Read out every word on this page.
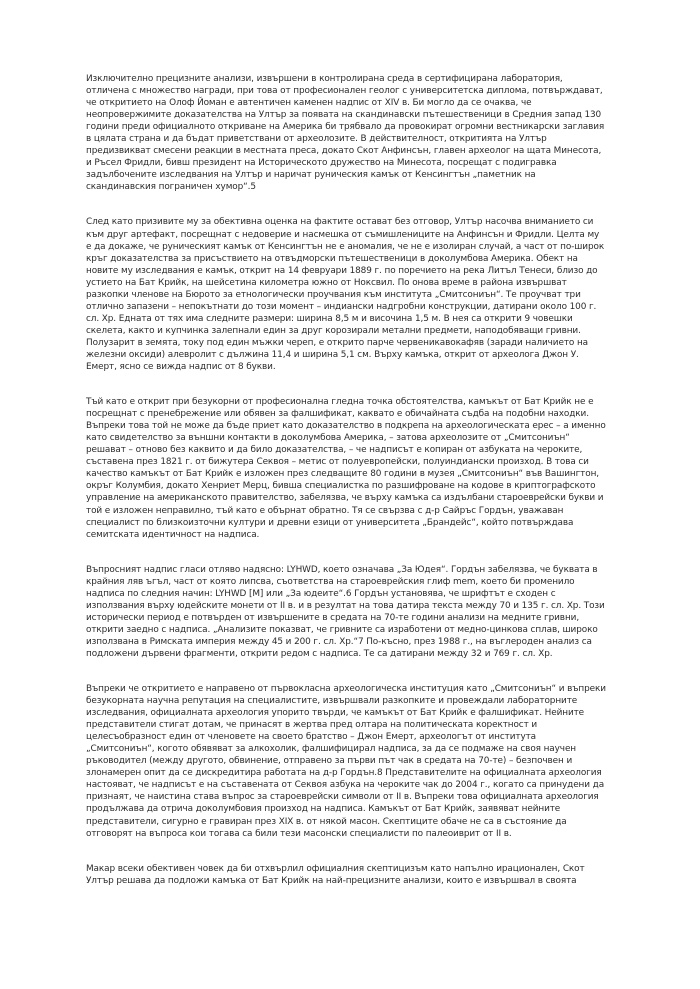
Изключително прецизните анализи, извършени в контролирана среда в сертифицирана лаборатория, отличена с множество награди, при това от професионален геолог с университетска диплома, потвърждават, че откритието на Олоф Йоман е автентичен каменен надпис от XIV в. Би могло да се очаква, че неопровержимите доказателства на Ултър за появата на скандинавски пътешественици в Средния запад 130 години преди официалното откриване на Америка би трябвало да провокират огромни вестникарски заглавия в цялата страна и да бъдат приветствани от археолозите. В действителност, откритията на Ултър предизвикват смесени реакции в местната преса, докато Скот Анфинсън, главен археолог на щата Минесота, и Ръсел Фридли, бивш президент на Историческото дружество на Минесота, посрещат с подигравка задълбочените изследвания на Ултър и наричат руническия камък от Кенсингтън „паметник на скандинавския пограничен хумор“.5

След като призивите му за обективна оценка на фактите остават без отговор, Ултър насочва вниманието си към друг артефакт, посрещнат с недоверие и насмешка от съмишлениците на Анфинсън и Фридли. Целта му е да докаже, че руническият камък от Кенсингтън не е аномалия, че не е изолиран случай, а част от по-широк кръг доказателства за присъствието на отвъдморски пътешественици в доколумбова Америка. Обект на новите му изследвания е камък, открит на 14 февруари 1889 г. по поречието на река Литъл Тенеси, близо до устието на Бат Крийк, на шейсетина километра южно от Ноксвил. По онова време в района извършват разкопки членове на Бюрото за етнологически проучвания към института „Смитсониън“. Те проучват три отлично запазени – непокътнати до този момент – индиански надгробни конструкции, датирани около 100 г. сл. Хр. Едната от тях има следните размери: ширина 8,5 м и височина 1,5 м. В нея са открити 9 човешки скелета, както и купчинка залепнали един за друг корозирали метални предмети, наподобяващи гривни. Полузарит в земята, току под един мъжки череп, е открито парче червеникавокафяв (заради наличието на железни оксиди) алевролит с дължина 11,4 и ширина 5,1 см. Върху камъка, открит от археолога Джон У. Емерт, ясно се вижда надпис от 8 букви.

Тъй като е открит при безукорни от професионална гледна точка обстоятелства, камъкът от Бат Крийк не е посрещнат с пренебрежение или обявен за фалшификат, каквато е обичайната съдба на подобни находки. Въпреки това той не може да бъде приет като доказателство в подкрепа на археологическата ерес – а именно като свидетелство за външни контакти в доколумбова Америка, – затова археолозите от „Смитсониън“ решават – отново без каквито и да било доказателства, – че надписът е копиран от азбуката на чероките, съставена през 1821 г. от бижутера Секвоя – метис от полуевропейски, полуиндиански произход. В това си качество камъкът от Бат Крийк е изложен през следващите 80 години в музея „Смитсониън“ във Вашингтон, окръг Колумбия, докато Хенриет Мерц, бивша специалистка по разшифроване на кодове в криптографското управление на американското правителство, забелязва, че върху камъка са издълбани староеврейски букви и той е изложен неправилно, тъй като е обърнат обратно. Тя се свързва с д-р Сайръс Гордън, уважаван специалист по близкоизточни култури и древни езици от университета „Брандейс“, който потвърждава семитската идентичност на надписа.

Въпросният надпис гласи отляво надясно: LYHWD, което означава „За Юдея“. Гордън забелязва, че буквата в крайния ляв ъгъл, част от която липсва, съответства на староеврейския глиф mem, което би променило надписа по следния начин: LYHWD [M] или „За юдеите“.6 Гордън установява, че шрифтът е сходен с използвания върху юдейските монети от II в. и в резултат на това датира текста между 70 и 135 г. сл. Хр. Този исторически период е потвърден от извършените в средата на 70-те години анализи на медните гривни, открити заедно с надписа. „Анализите показват, че гривните са изработени от медно-цинкова сплав, широко използвана в Римската империя между 45 и 200 г. сл. Хр.“7 По-късно, през 1988 г., на въглероден анализ са подложени дървени фрагменти, открити редом с надписа. Те са датирани между 32 и 769 г. сл. Хр.

Въпреки че откритието е направено от първокласна археологическа институция като „Смитсониън“ и въпреки безукорната научна репутация на специалистите, извършвали разкопките и провеждали лабораторните изследвания, официалната археология упорито твърди, че камъкът от Бат Крийк е фалшификат. Нейните представители стигат дотам, че принасят в жертва пред олтара на политическата коректност и целесъобразност един от членовете на своето братство – Джон Емерт, археологът от института „Смитсониън“, когото обявяват за алкохолик, фалшифицирал надписа, за да се подмаже на своя научен ръководител (между другото, обвинение, отправено за първи път чак в средата на 70-те) – безпочвен и злонамерен опит да се дискредитира работата на д-р Гордън.8 Представителите на официалната археология настояват, че надписът е на съставената от Секвоя азбука на чероките чак до 2004 г., когато са принудени да признаят, че наистина става въпрос за староеврейски символи от II в. Въпреки това официалната археология продължава да отрича доколумбовия произход на надписа. Камъкът от Бат Крийк, заявяват нейните представители, сигурно е гравиран през XIX в. от някой масон. Скептиците обаче не са в състояние да отговорят на въпроса кои тогава са били тези масонски специалисти по палеоиврит от II в.

Макар всеки обективен човек да би отхвърлил официалния скептицизъм като напълно ирационален, Скот Ултър решава да подложи камъка от Бат Крийк на най-прецизните анализи, които е извършвал в своята
